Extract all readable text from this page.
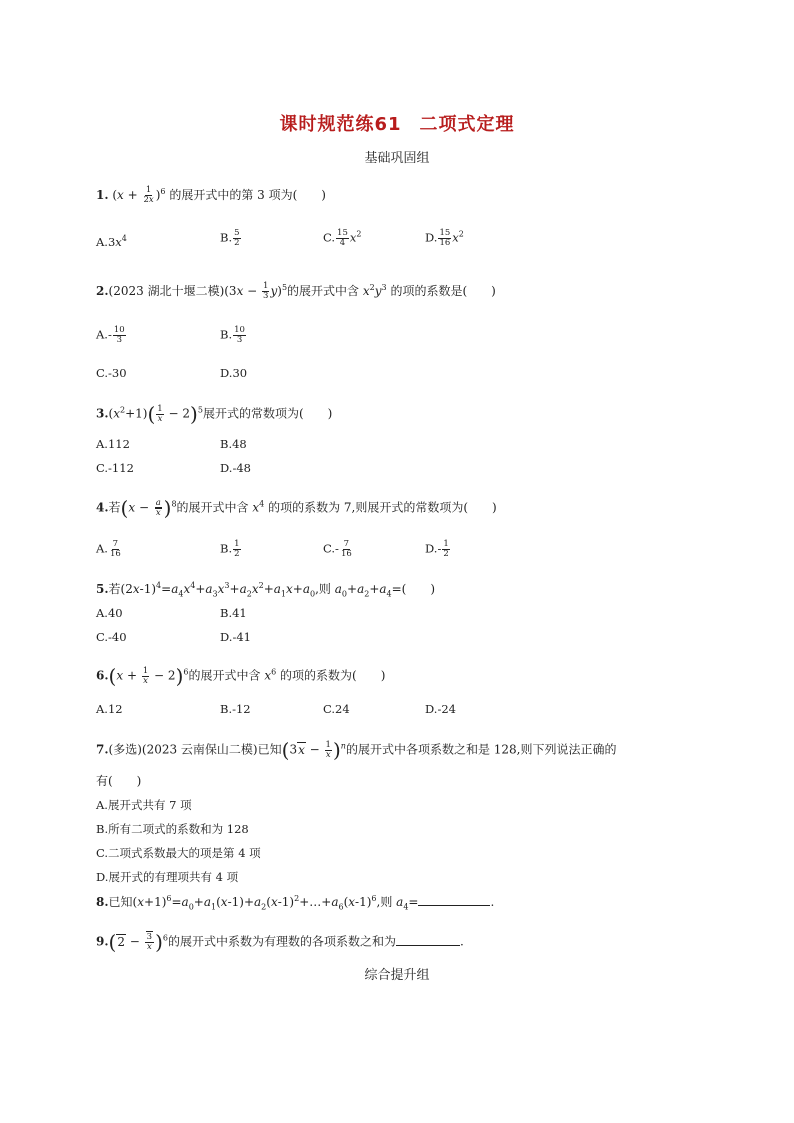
课时规范练61 二项式定理
基础巩固组
1. $(x + \frac{1}{2x} )^6$ 的展开式中的第 3 项为(　　)
$A.3x^4$	B. $\frac{5}{2}$	C. $\frac{15}{4} x^2$	D. $\frac{15}{16} x^2$
2.(2023 湖北十堰二模)$(3x - \frac{1}{3} y)^5$的展开式中含 $x^2y^3$ 的项的系数是(　　)
$A.- \frac{10}{3}$	B. $\frac{10}{3}$
C.-30	D.30
$3.(x^2+1)( \frac{1}{x} - 2)^5$展开式的常数项为(　　)
A.112	B.48
C.-112	D.-48
4.若$(x - \frac{a}{x} )^8$的展开式中含 $x^4$ 的项的系数为 7,则展开式的常数项为(　　)
A. $\frac{7}{16}$	B. $\frac{1}{2}$	$C.- \frac{7}{16}$	$D.- \frac{1}{2}$
5.若$(2x-1)^4=a_4x^4+a_3x^3+a_2x^2+a_1x+a_0$,则 $a_0+a_2+a_4=$(　　)
A.40	B.41
C.-40	D.-41
$6.(x + \frac{1}{x} - 2)^6$的展开式中含 $x^6$ 的项的系数为(　　)
A.12	B.-12	C.24	D.-24
7.(多选)(2023 云南保山二模)已知$(3x - \frac{1}{x} )^n$的展开式中各项系数之和是 128,则下列说法正确的
有(　　)
A.展开式共有 7 项
B.所有二项式的系数和为 128
C.二项式系数最大的项是第 4 项
D.展开式的有理项共有 4 项
8.已知$(x+1)^6=a_0+a_1(x-1)+a_2(x-1)^2+\dots+a_6(x-1)^6$,则 $a_4=$	.
$9.(2 - \frac{3}{x} )^6$的展开式中系数为有理数的各项系数之和为	.
综合提升组
